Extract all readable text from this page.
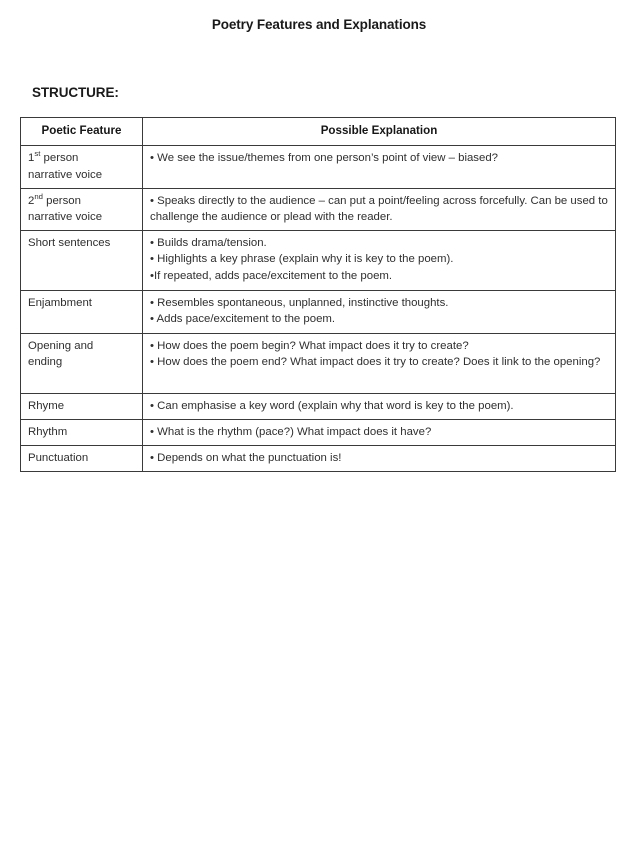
Poetry Features and Explanations
STRUCTURE:
Poetic Feature	Possible Explanation

1st person
narrative voice	• We see the issue/themes from one person’s point of view – biased?

2nd person
narrative voice	• Speaks directly to the audience – can put a point/feeling across forcefully. Can be used to challenge the audience or plead with the reader.

Short sentences	• Builds drama/tension.
• Highlights a key phrase (explain why it is key to the poem).
•If repeated, adds pace/excitement to the poem.

Enjambment	• Resembles spontaneous, unplanned, instinctive thoughts.
• Adds pace/excitement to the poem.

Opening and
ending	• How does the poem begin? What impact does it try to create?
• How does the poem end? What impact does it try to create? Does it link to the opening?

Rhyme	• Can emphasise a key word (explain why that word is key to the poem).

Rhythm	• What is the rhythm (pace?) What impact does it have?

Punctuation	• Depends on what the punctuation is!
